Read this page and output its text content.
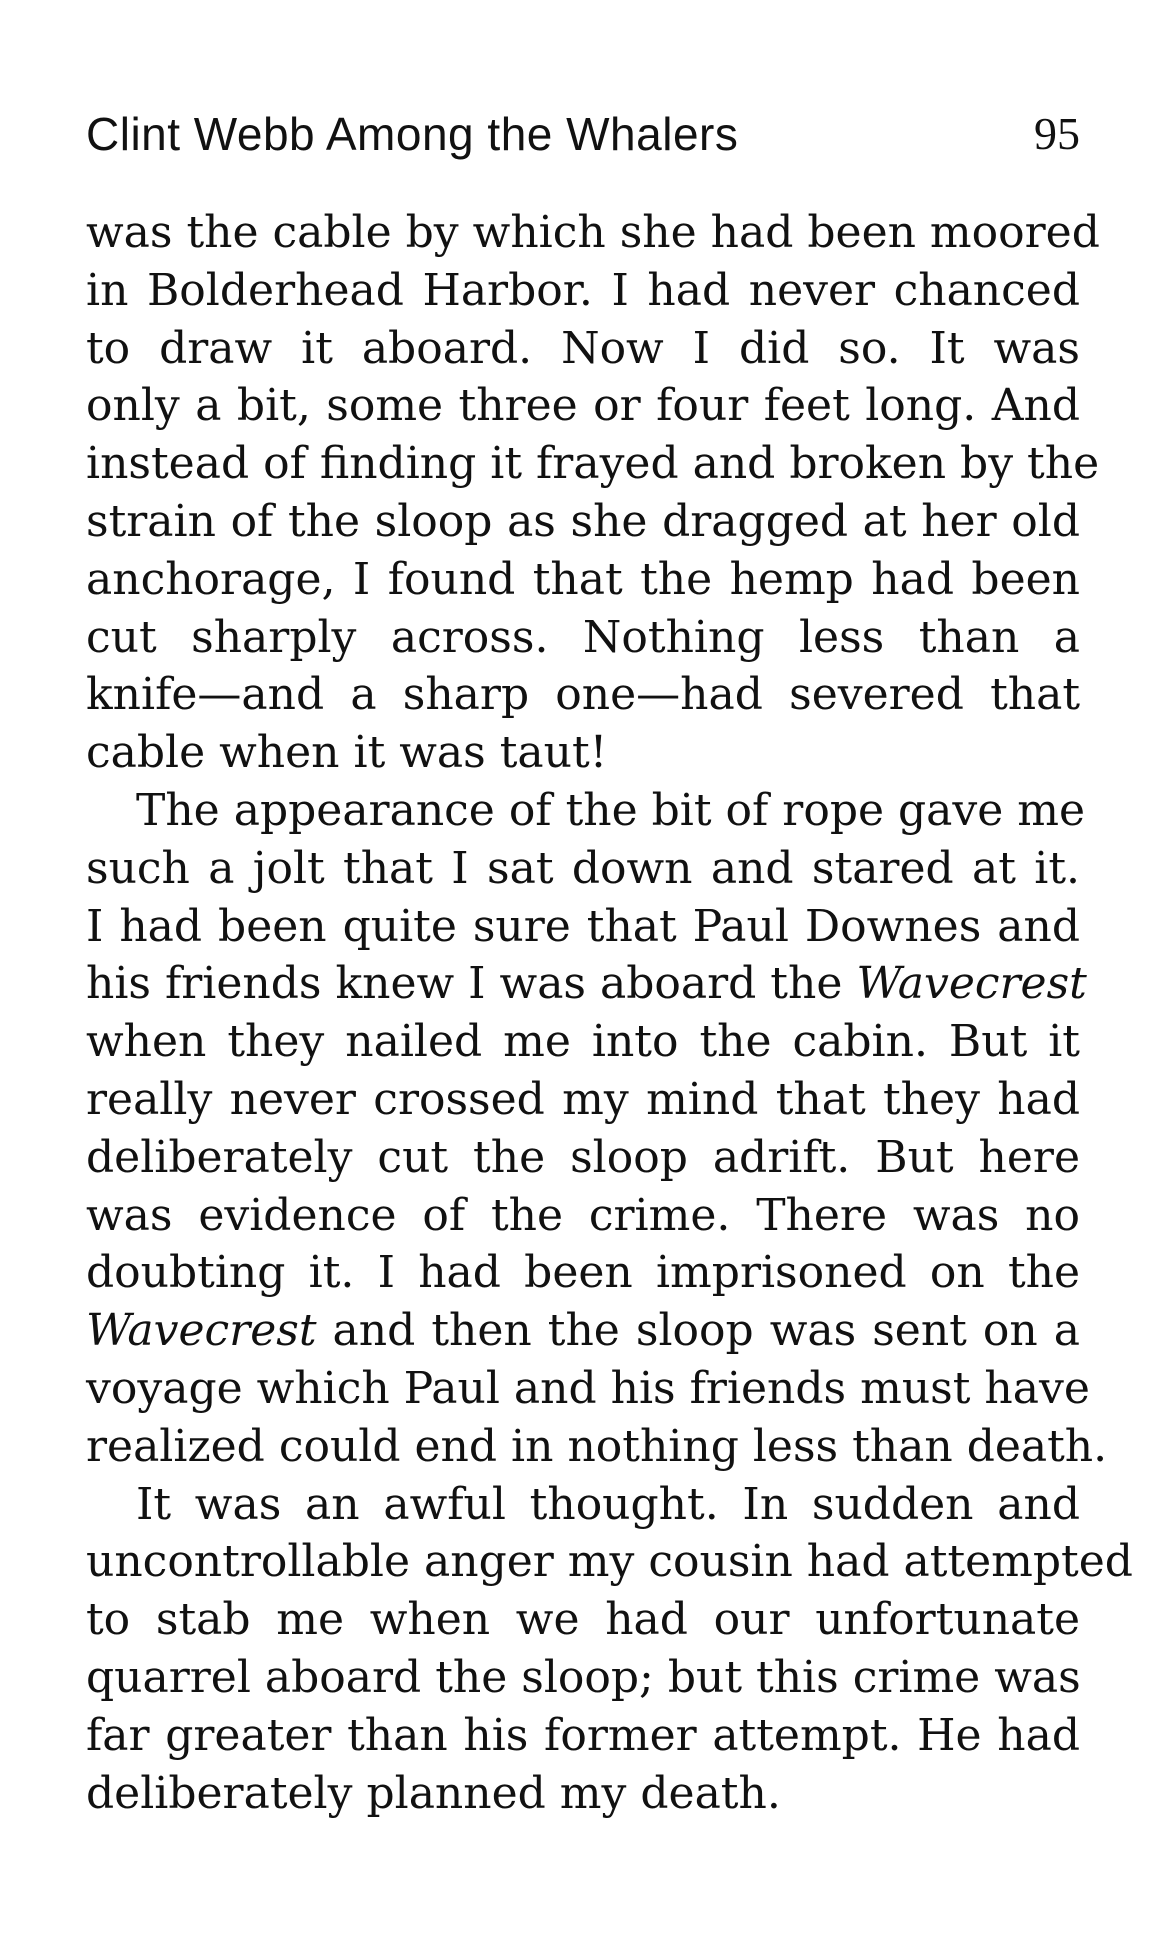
Clint Webb Among the Whalers	95
was the cable by which she had been moored
in Bolderhead Harbor. I had never chanced
to draw it aboard. Now I did so. It was
only a bit, some three or four feet long. And
instead of finding it frayed and broken by the
strain of the sloop as she dragged at her old
anchorage, I found that the hemp had been
cut sharply across. Nothing less than a
knife—and a sharp one—had severed that
cable when it was taut!
The appearance of the bit of rope gave me
such a jolt that I sat down and stared at it.
I had been quite sure that Paul Downes and
his friends knew I was aboard the Wavecrest
when they nailed me into the cabin. But it
really never crossed my mind that they had
deliberately cut the sloop adrift. But here
was evidence of the crime. There was no
doubting it. I had been imprisoned on the
Wavecrest and then the sloop was sent on a
voyage which Paul and his friends must have
realized could end in nothing less than death.
It was an awful thought. In sudden and
uncontrollable anger my cousin had attempted
to stab me when we had our unfortunate
quarrel aboard the sloop; but this crime was
far greater than his former attempt. He had
deliberately planned my death.
